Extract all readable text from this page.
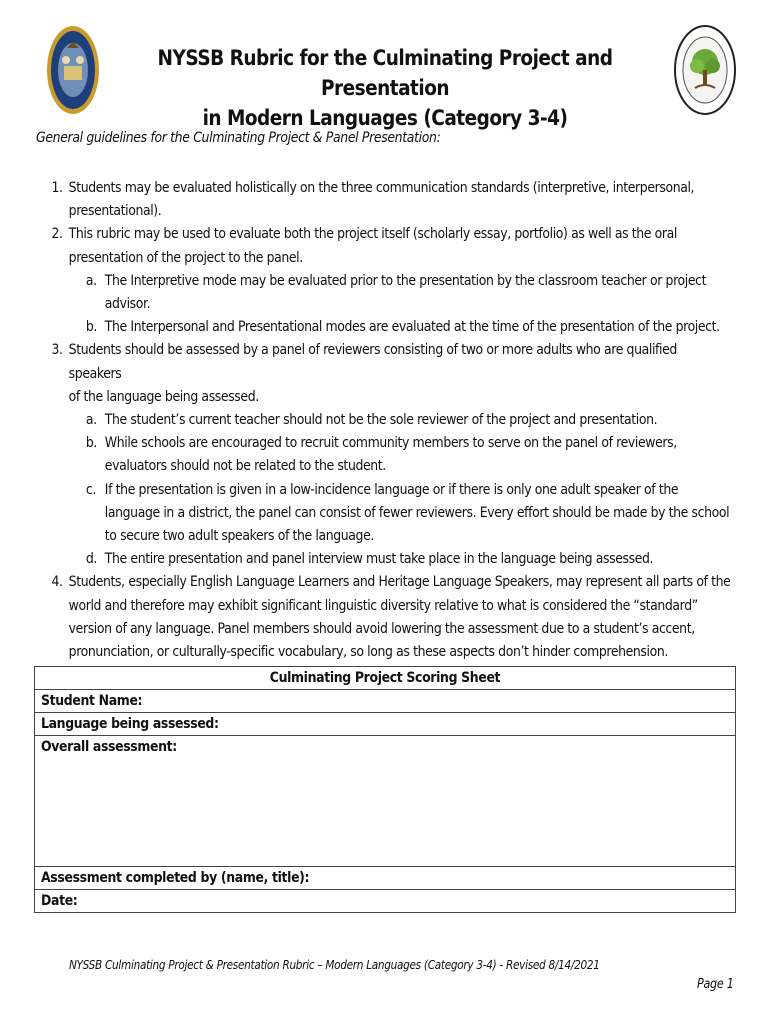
NYSSB Rubric for the Culminating Project and Presentation
in Modern Languages (Category 3-4)
General guidelines for the Culminating Project & Panel Presentation:
1. Students may be evaluated holistically on the three communication standards (interpretive, interpersonal,
presentational).
2. This rubric may be used to evaluate both the project itself (scholarly essay, portfolio) as well as the oral
presentation of the project to the panel.
a. The Interpretive mode may be evaluated prior to the presentation by the classroom teacher or project
advisor.
b. The Interpersonal and Presentational modes are evaluated at the time of the presentation of the project.
3. Students should be assessed by a panel of reviewers consisting of two or more adults who are qualified speakers
of the language being assessed.
a. The student’s current teacher should not be the sole reviewer of the project and presentation.
b. While schools are encouraged to recruit community members to serve on the panel of reviewers,
evaluators should not be related to the student.
c. If the presentation is given in a low-incidence language or if there is only one adult speaker of the
language in a district, the panel can consist of fewer reviewers. Every effort should be made by the school
to secure two adult speakers of the language.
d. The entire presentation and panel interview must take place in the language being assessed.
4. Students, especially English Language Learners and Heritage Language Speakers, may represent all parts of the
world and therefore may exhibit significant linguistic diversity relative to what is considered the “standard”
version of any language. Panel members should avoid lowering the assessment due to a student’s accent,
pronunciation, or culturally-specific vocabulary, so long as these aspects don’t hinder comprehension.
Culminating Project Scoring Sheet
Student Name:
Language being assessed:
Overall assessment:
Assessment completed by (name, title):
Date:
NYSSB Culminating Project & Presentation Rubric – Modern Languages (Category 3-4) - Revised 8/14/2021
Page 1
